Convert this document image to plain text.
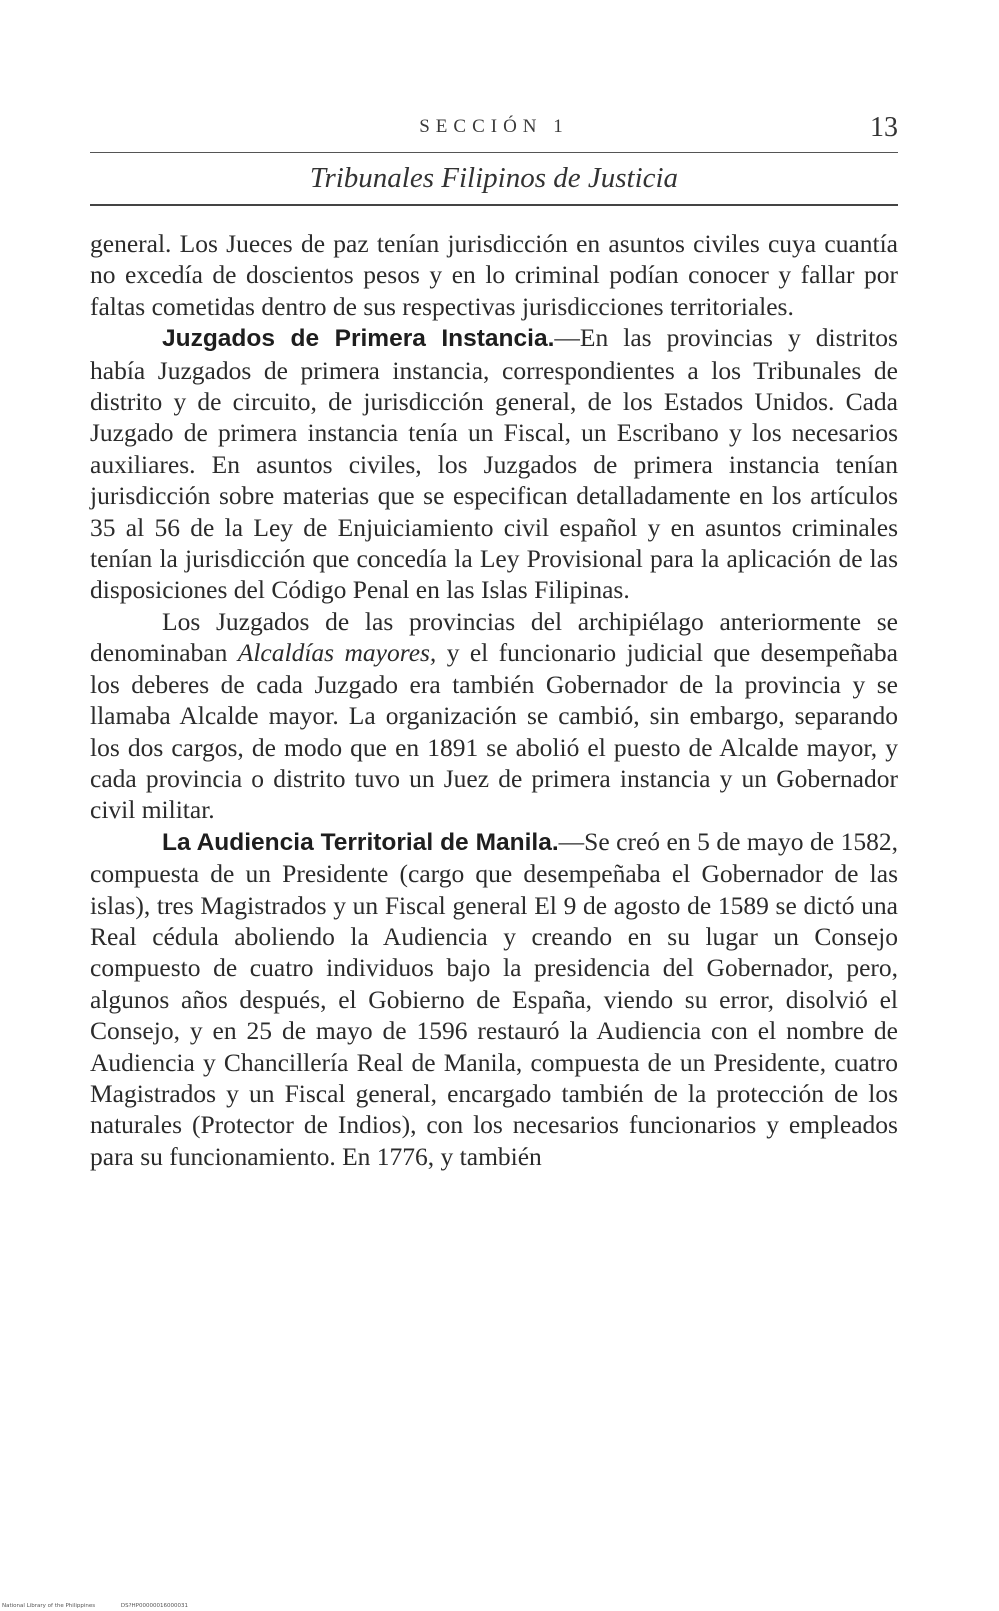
SECCIÓN 1	13
Tribunales Filipinos de Justicia

general. Los Jueces de paz tenían jurisdicción en asuntos civiles cuya cuantía no excedía de doscientos pesos y en lo criminal podían conocer y fallar por faltas cometidas dentro de sus respectivas jurisdicciones territoriales.

Juzgados de Primera Instancia.—En las provincias y distritos había Juzgados de primera instancia, correspondientes a los Tribunales de distrito y de circuito, de jurisdicción general, de los Estados Unidos. Cada Juzgado de primera instancia tenía un Fiscal, un Escribano y los necesarios auxiliares. En asuntos civiles, los Juzgados de primera instancia tenían jurisdicción sobre materias que se especifican detalladamente en los artículos 35 al 56 de la Ley de Enjuiciamiento civil español y en asuntos criminales tenían la jurisdicción que concedía la Ley Provisional para la aplicación de las disposiciones del Código Penal en las Islas Filipinas.

Los Juzgados de las provincias del archipiélago anteriormente se denominaban Alcaldías mayores, y el funcionario judicial que desempeñaba los deberes de cada Juzgado era también Gobernador de la provincia y se llamaba Alcalde mayor. La organización se cambió, sin embargo, separando los dos cargos, de modo que en 1891 se abolió el puesto de Alcalde mayor, y cada provincia o distrito tuvo un Juez de primera instancia y un Gobernador civil militar.

La Audiencia Territorial de Manila.—Se creó en 5 de mayo de 1582, compuesta de un Presidente (cargo que desempeñaba el Gobernador de las islas), tres Magistrados y un Fiscal general El 9 de agosto de 1589 se dictó una Real cédula aboliendo la Audiencia y creando en su lugar un Consejo compuesto de cuatro individuos bajo la presidencia del Gobernador, pero, algunos años después, el Gobierno de España, viendo su error, disolvió el Consejo, y en 25 de mayo de 1596 restauró la Audiencia con el nombre de Audiencia y Chancillería Real de Manila, compuesta de un Presidente, cuatro Magistrados y un Fiscal general, encargado también de la protección de los naturales (Protector de Indios), con los necesarios funcionarios y empleados para su funcionamiento. En 1776, y también

National Library of the Philippines	DS?HP00000016000031
